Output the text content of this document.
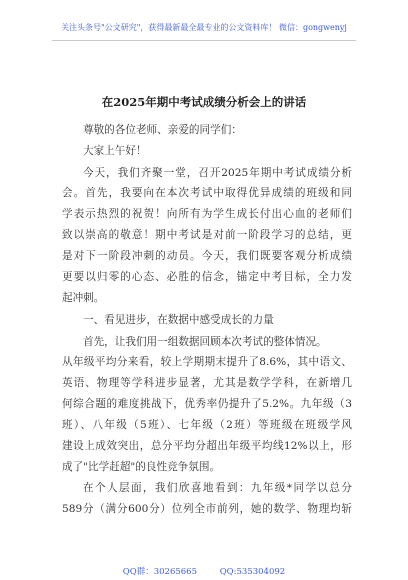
关注头条号"公文研究"，获得最新最全最专业的公文资料库！ 微信：gongwenyj
在2025年期中考试成绩分析会上的讲话
尊敬的各位老师、亲爱的同学们：
大家上午好！
今天，我们齐聚一堂，召开2025年期中考试成绩分析
会。首先，我要向在本次考试中取得优异成绩的班级和同
学表示热烈的祝贺！向所有为学生成长付出心血的老师们
致以崇高的敬意！期中考试是对前一阶段学习的总结，更
是对下一阶段冲刺的动员。今天，我们既要客观分析成绩
更要以归零的心态、必胜的信念，锚定中考目标，全力发
起冲刺。
一、看见进步，在数据中感受成长的力量
首先，让我们用一组数据回顾本次考试的整体情况。
从年级平均分来看，较上学期期末提升了8.6%，其中语文、
英语、物理等学科进步显著，尤其是数学学科，在新增几
何综合题的难度挑战下，优秀率仍提升了5.2%。九年级（3
班）、八年级（5班）、七年级（2班）等班级在班级学风
建设上成效突出，总分平均分超出年级平均线12%以上，形
成了"比学赶超"的良性竞争氛围。
在个人层面，我们欣喜地看到：九年级*同学以总分
589分（满分600分）位列全市前列，她的数学、物理均斩
QQ群：30265665	QQ:535304092
